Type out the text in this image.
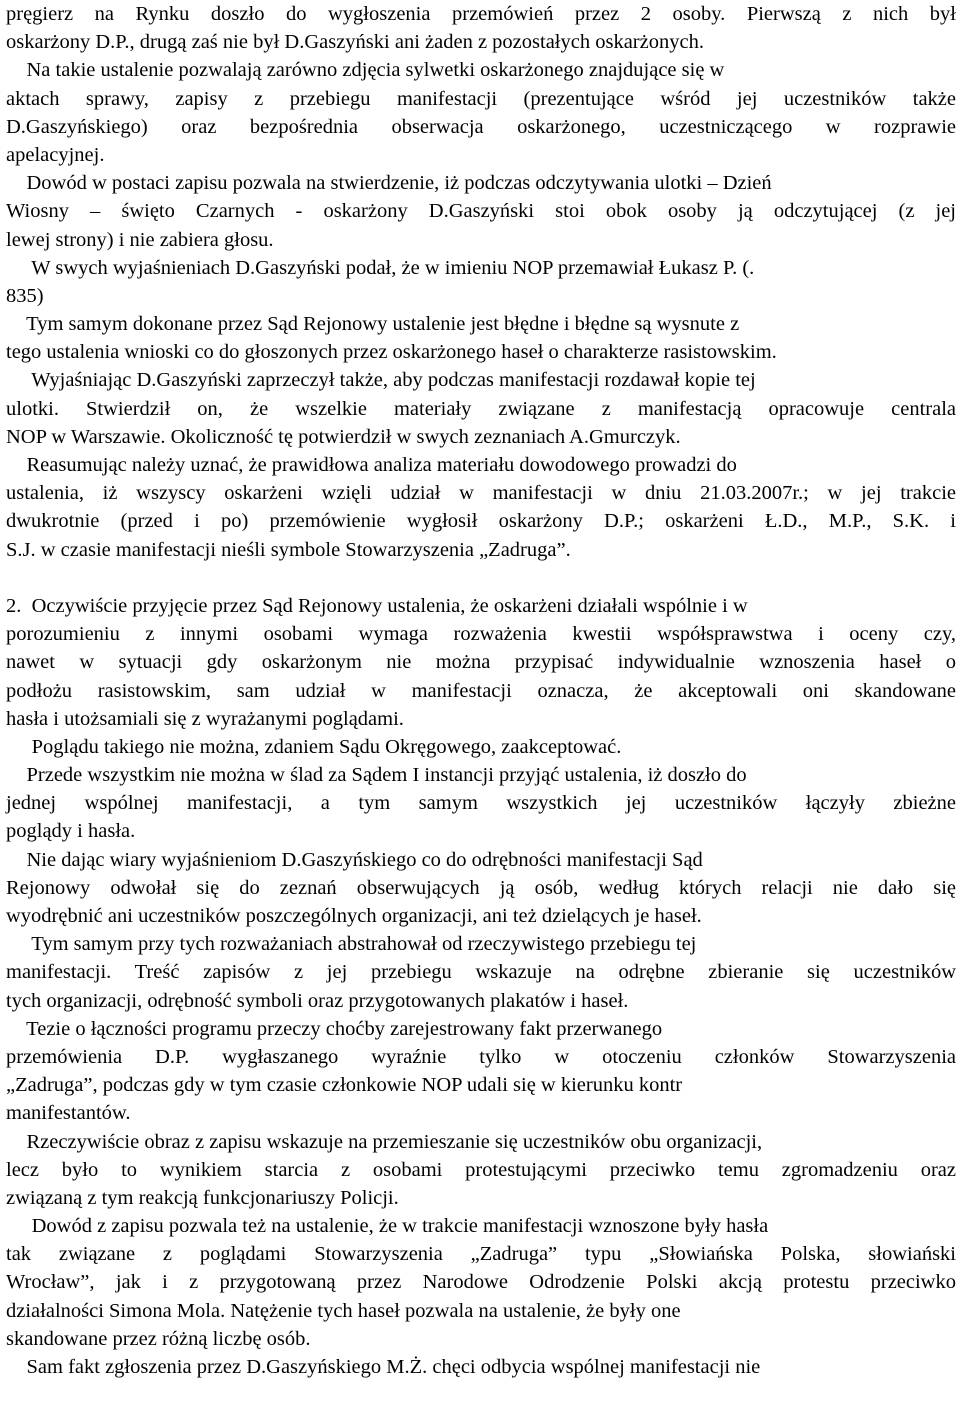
pręgierz na Rynku doszło do wygłoszenia przemówień przez 2 osoby. Pierwszą z nich był
oskarżony D.P., drugą zaś nie był D.Gaszyński ani żaden z pozostałych oskarżonych.
Na takie ustalenie pozwalają zarówno zdjęcia sylwetki oskarżonego znajdujące się w
aktach sprawy, zapisy z przebiegu manifestacji (prezentujące wśród jej uczestników także
D.Gaszyńskiego) oraz bezpośrednia obserwacja oskarżonego, uczestniczącego w rozprawie
apelacyjnej.
Dowód w postaci zapisu pozwala na stwierdzenie, iż podczas odczytywania ulotki – Dzień
Wiosny – święto Czarnych - oskarżony D.Gaszyński stoi obok osoby ją odczytującej (z jej
lewej strony) i nie zabiera głosu.
W swych wyjaśnieniach D.Gaszyński podał, że w imieniu NOP przemawiał Łukasz P. (.
835)
Tym samym dokonane przez Sąd Rejonowy ustalenie jest błędne i błędne są wysnute z
tego ustalenia wnioski co do głoszonych przez oskarżonego haseł o charakterze rasistowskim.
Wyjaśniając D.Gaszyński zaprzeczył także, aby podczas manifestacji rozdawał kopie tej
ulotki. Stwierdził on, że wszelkie materiały związane z manifestacją opracowuje centrala
NOP w Warszawie. Okoliczność tę potwierdził w swych zeznaniach A.Gmurczyk.
Reasumując należy uznać, że prawidłowa analiza materiału dowodowego prowadzi do
ustalenia, iż wszyscy oskarżeni wzięli udział w manifestacji w dniu 21.03.2007r.; w jej trakcie
dwukrotnie (przed i po) przemówienie wygłosił oskarżony D.P.; oskarżeni Ł.D., M.P., S.K. i
S.J. w czasie manifestacji nieśli symbole Stowarzyszenia „Zadruga”.
2.  Oczywiście przyjęcie przez Sąd Rejonowy ustalenia, że oskarżeni działali wspólnie i w
porozumieniu z innymi osobami wymaga rozważenia kwestii współsprawstwa i oceny czy,
nawet w sytuacji gdy oskarżonym nie można przypisać indywidualnie wznoszenia haseł o
podłożu rasistowskim, sam udział w manifestacji oznacza, że akceptowali oni skandowane
hasła i utożsamiali się z wyrażanymi poglądami.
Poglądu takiego nie można, zdaniem Sądu Okręgowego, zaakceptować.
Przede wszystkim nie można w ślad za Sądem I instancji przyjąć ustalenia, iż doszło do
jednej wspólnej manifestacji, a tym samym wszystkich jej uczestników łączyły zbieżne
poglądy i hasła.
Nie dając wiary wyjaśnieniom D.Gaszyńskiego co do odrębności manifestacji Sąd
Rejonowy odwołał się do zeznań obserwujących ją osób, według których relacji nie dało się
wyodrębnić ani uczestników poszczególnych organizacji, ani też dzielących je haseł.
Tym samym przy tych rozważaniach abstrahował od rzeczywistego przebiegu tej
manifestacji. Treść zapisów z jej przebiegu wskazuje na odrębne zbieranie się uczestników
tych organizacji, odrębność symboli oraz przygotowanych plakatów i haseł.
Tezie o łączności programu przeczy choćby zarejestrowany fakt przerwanego
przemówienia D.P. wygłaszanego wyraźnie tylko w otoczeniu członków Stowarzyszenia
„Zadruga”, podczas gdy w tym czasie członkowie NOP udali się w kierunku kontr
manifestantów.
Rzeczywiście obraz z zapisu wskazuje na przemieszanie się uczestników obu organizacji,
lecz było to wynikiem starcia z osobami protestującymi przeciwko temu zgromadzeniu oraz
związaną z tym reakcją funkcjonariuszy Policji.
Dowód z zapisu pozwala też na ustalenie, że w trakcie manifestacji wznoszone były hasła
tak związane z poglądami Stowarzyszenia „Zadruga” typu „Słowiańska Polska, słowiański
Wrocław”, jak i z przygotowaną przez Narodowe Odrodzenie Polski akcją protestu przeciwko
działalności Simona Mola. Natężenie tych haseł pozwala na ustalenie, że były one
skandowane przez różną liczbę osób.
Sam fakt zgłoszenia przez D.Gaszyńskiego M.Ż. chęci odbycia wspólnej manifestacji nie
